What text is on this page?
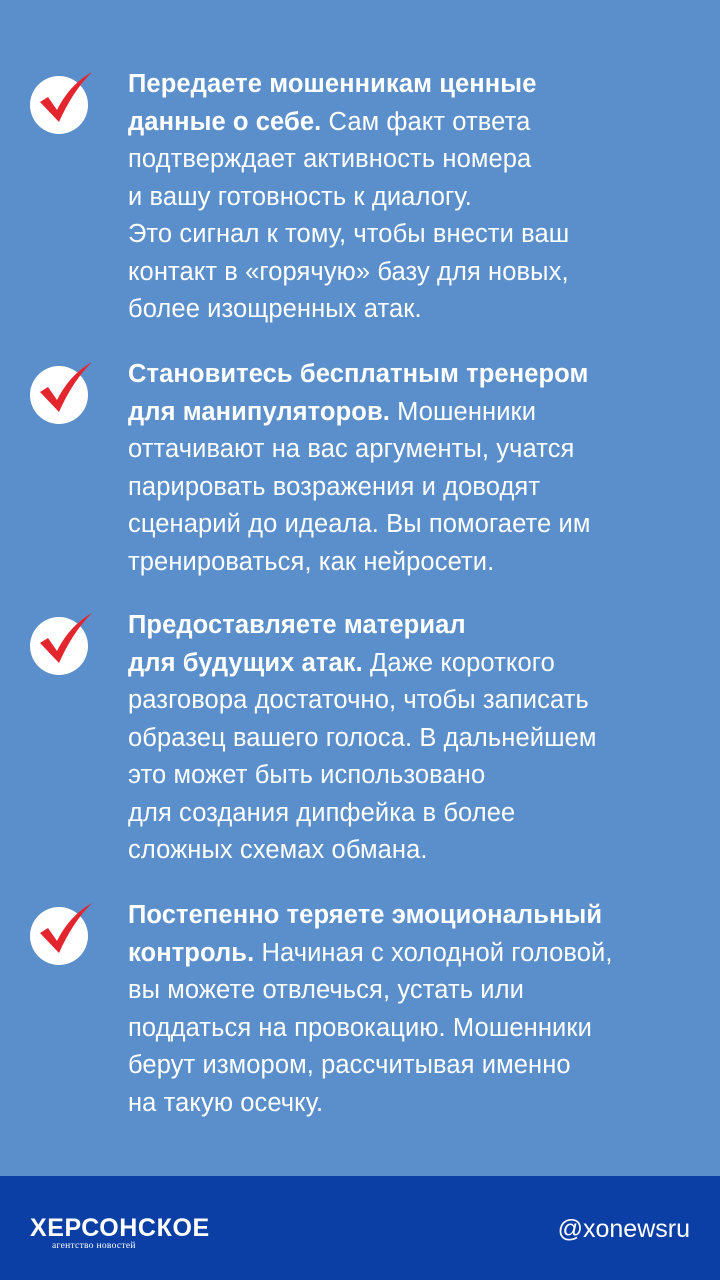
Передаете мошенникам ценные
данные о себе. Сам факт ответа
подтверждает активность номера
и вашу готовность к диалогу.
Это сигнал к тому, чтобы внести ваш
контакт в «горячую» базу для новых,
более изощренных атак.
Становитесь бесплатным тренером
для манипуляторов. Мошенники
оттачивают на вас аргументы, учатся
парировать возражения и доводят
сценарий до идеала. Вы помогаете им
тренироваться, как нейросети.
Предоставляете материал
для будущих атак. Даже короткого
разговора достаточно, чтобы записать
образец вашего голоса. В дальнейшем
это может быть использовано
для создания дипфейка в более
сложных схемах обмана.
Постепенно теряете эмоциональный
контроль. Начиная с холодной головой,
вы можете отвлечься, устать или
поддаться на провокацию. Мошенники
берут измором, рассчитывая именно
на такую осечку.
ХЕРСОНСКОЕ
агентство новостей
@xonewsru
